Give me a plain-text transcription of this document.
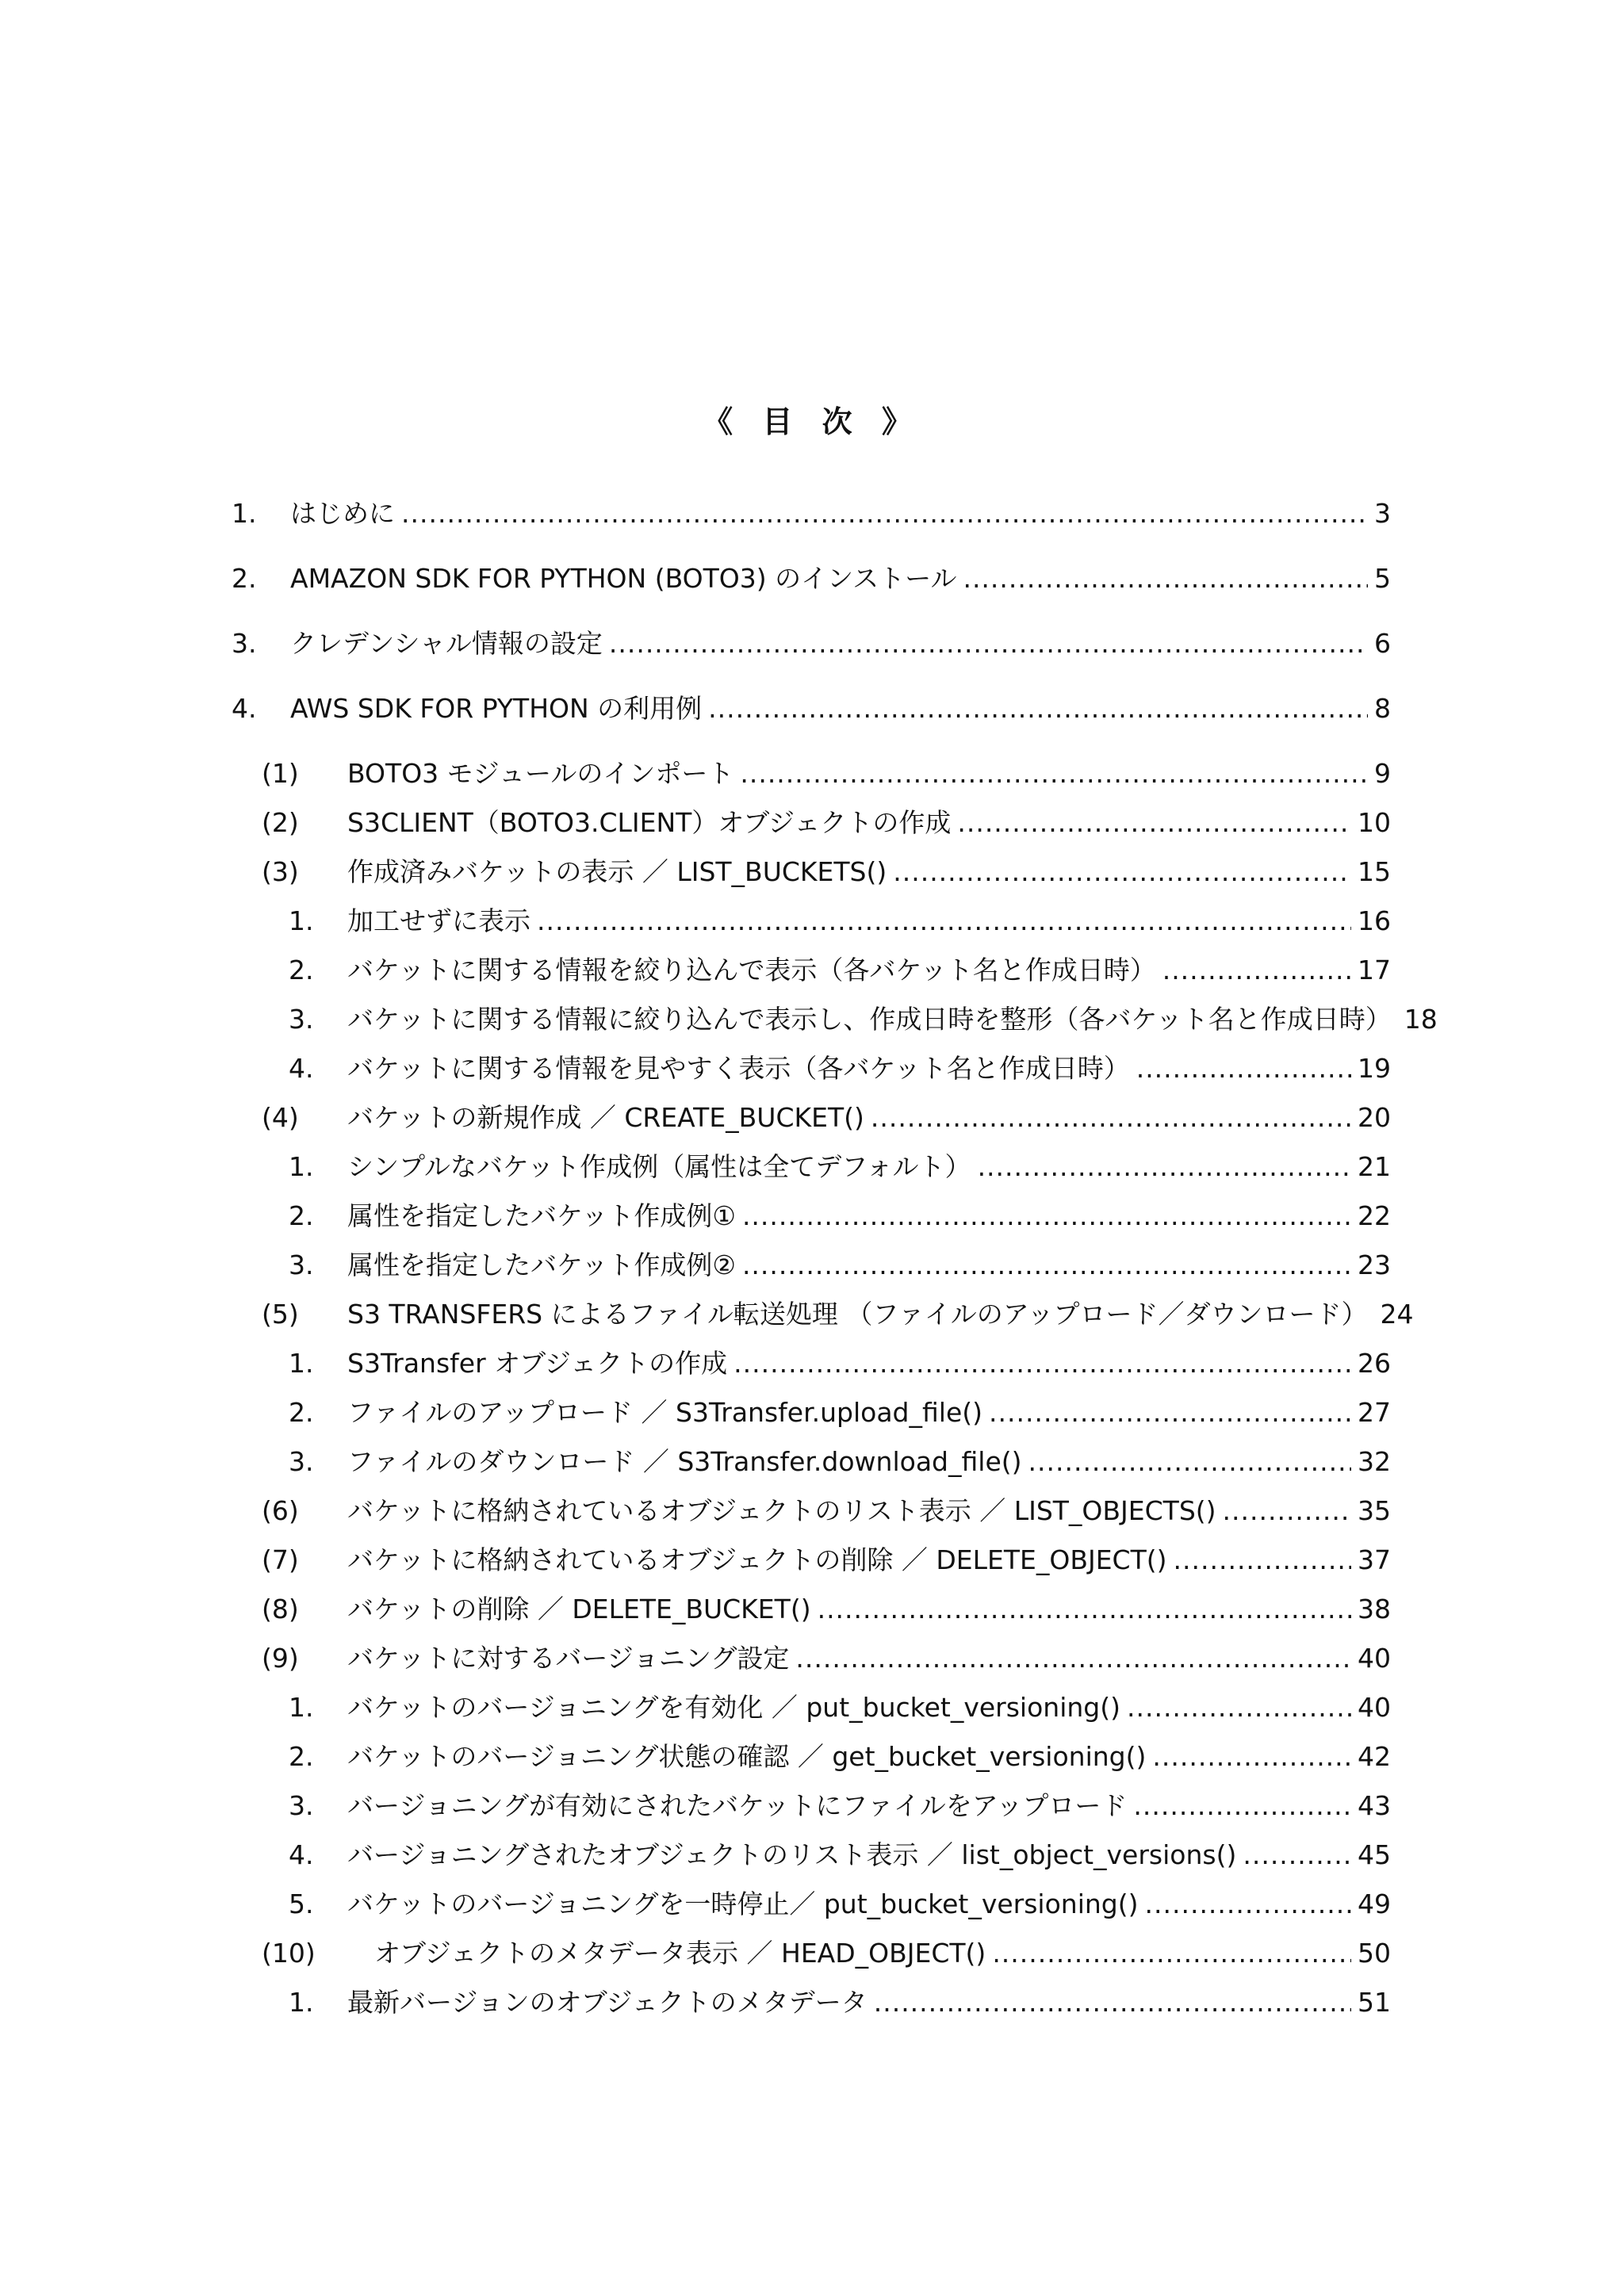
《 目 次 》
1.	はじめに .....	3
2.	AMAZON SDK FOR PYTHON (BOTO3) のインストール .....	5
3.	クレデンシャル情報の設定 .....	6
4.	AWS SDK FOR PYTHON の利用例 .....	8
(1)	BOTO3 モジュールのインポート .....	9
(2)	S3CLIENT（BOTO3.CLIENT）オブジェクトの作成 .....	10
(3)	作成済みバケットの表示 ／ LIST_BUCKETS() .....	15
1.	加工せずに表示 .....	16
2.	バケットに関する情報を絞り込んで表示（各バケット名と作成日時） .....	17
3.	バケットに関する情報に絞り込んで表示し、作成日時を整形（各バケット名と作成日時） 18
4.	バケットに関する情報を見やすく表示（各バケット名と作成日時） .....	19
(4)	バケットの新規作成 ／ CREATE_BUCKET() .....	20
1.	シンプルなバケット作成例（属性は全てデフォルト） .....	21
2.	属性を指定したバケット作成例① .....	22
3.	属性を指定したバケット作成例② .....	23
(5)	S3 TRANSFERS によるファイル転送処理 （ファイルのアップロード／ダウンロード） 24
1.	S3Transfer オブジェクトの作成 .....	26
2.	ファイルのアップロード ／ S3Transfer.upload_file() .....	27
3.	ファイルのダウンロード ／ S3Transfer.download_file() .....	32
(6)	バケットに格納されているオブジェクトのリスト表示 ／ LIST_OBJECTS() .....	35
(7)	バケットに格納されているオブジェクトの削除 ／ DELETE_OBJECT() .....	37
(8)	バケットの削除 ／ DELETE_BUCKET() .....	38
(9)	バケットに対するバージョニング設定 .....	40
1.	バケットのバージョニングを有効化 ／ put_bucket_versioning() .....	40
2.	バケットのバージョニング状態の確認 ／ get_bucket_versioning() .....	42
3.	バージョニングが有効にされたバケットにファイルをアップロード .....	43
4.	バージョニングされたオブジェクトのリスト表示 ／ list_object_versions() .....	45
5.	バケットのバージョニングを一時停止／ put_bucket_versioning() .....	49
(10)	オブジェクトのメタデータ表示 ／ HEAD_OBJECT() .....	50
1.	最新バージョンのオブジェクトのメタデータ .....	51
